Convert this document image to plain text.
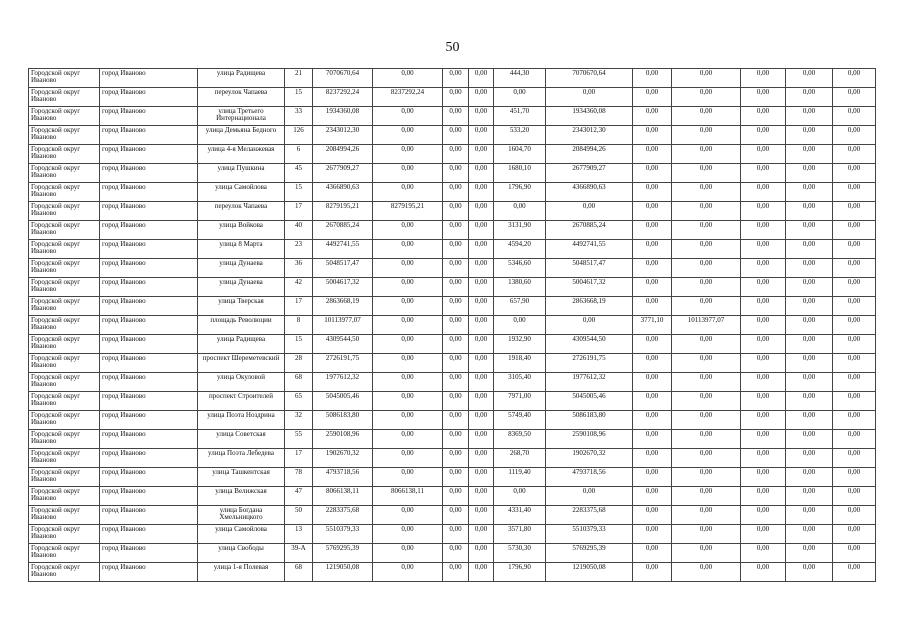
50
Городской округ Иваново	город Иваново	улица Радищева	21	7070670,64	0,00	0,00	0,00	444,30	7070670,64	0,00	0,00	0,00	0,00	0,00
Городской округ Иваново	город Иваново	переулок Чапаева	15	8237292,24	8237292,24	0,00	0,00	0,00	0,00	0,00	0,00	0,00	0,00	0,00
Городской округ Иваново	город Иваново	улица Третьего Интернационала	33	1934360,08	0,00	0,00	0,00	451,70	1934360,08	0,00	0,00	0,00	0,00	0,00
Городской округ Иваново	город Иваново	улица Демьяна Бедного	126	2343012,30	0,00	0,00	0,00	533,20	2343012,30	0,00	0,00	0,00	0,00	0,00
Городской округ Иваново	город Иваново	улица 4-я Меланжевая	6	2084994,26	0,00	0,00	0,00	1604,70	2084994,26	0,00	0,00	0,00	0,00	0,00
Городской округ Иваново	город Иваново	улица Пушкина	45	2677909,27	0,00	0,00	0,00	1680,10	2677909,27	0,00	0,00	0,00	0,00	0,00
Городской округ Иваново	город Иваново	улица Самойлова	15	4366890,63	0,00	0,00	0,00	1796,90	4366890,63	0,00	0,00	0,00	0,00	0,00
Городской округ Иваново	город Иваново	переулок Чапаева	17	8279195,21	8279195,21	0,00	0,00	0,00	0,00	0,00	0,00	0,00	0,00	0,00
Городской округ Иваново	город Иваново	улица Войкова	40	2670885,24	0,00	0,00	0,00	3131,90	2670885,24	0,00	0,00	0,00	0,00	0,00
Городской округ Иваново	город Иваново	улица 8 Марта	23	4492741,55	0,00	0,00	0,00	4594,20	4492741,55	0,00	0,00	0,00	0,00	0,00
Городской округ Иваново	город Иваново	улица Дунаева	36	5048517,47	0,00	0,00	0,00	5346,60	5048517,47	0,00	0,00	0,00	0,00	0,00
Городской округ Иваново	город Иваново	улица Дунаева	42	5004617,32	0,00	0,00	0,00	1380,60	5004617,32	0,00	0,00	0,00	0,00	0,00
Городской округ Иваново	город Иваново	улица Тверская	17	2863668,19	0,00	0,00	0,00	657,90	2863668,19	0,00	0,00	0,00	0,00	0,00
Городской округ Иваново	город Иваново	площадь Революции	8	10113977,07	0,00	0,00	0,00	0,00	0,00	3771,10	10113977,07	0,00	0,00	0,00
Городской округ Иваново	город Иваново	улица Радищева	15	4309544,50	0,00	0,00	0,00	1932,90	4309544,50	0,00	0,00	0,00	0,00	0,00
Городской округ Иваново	город Иваново	проспект Шереметевский	28	2726191,75	0,00	0,00	0,00	1918,40	2726191,75	0,00	0,00	0,00	0,00	0,00
Городской округ Иваново	город Иваново	улица Окуловой	68	1977612,32	0,00	0,00	0,00	3105,40	1977612,32	0,00	0,00	0,00	0,00	0,00
Городской округ Иваново	город Иваново	проспект Строителей	65	5045005,46	0,00	0,00	0,00	7971,00	5045005,46	0,00	0,00	0,00	0,00	0,00
Городской округ Иваново	город Иваново	улица Поэта Ноздрина	32	5086183,80	0,00	0,00	0,00	5749,40	5086183,80	0,00	0,00	0,00	0,00	0,00
Городской округ Иваново	город Иваново	улица Советская	55	2590108,96	0,00	0,00	0,00	8369,50	2590108,96	0,00	0,00	0,00	0,00	0,00
Городской округ Иваново	город Иваново	улица Поэта Лебедева	17	1902670,32	0,00	0,00	0,00	268,70	1902670,32	0,00	0,00	0,00	0,00	0,00
Городской округ Иваново	город Иваново	улица Ташкентская	78	4793718,56	0,00	0,00	0,00	1119,40	4793718,56	0,00	0,00	0,00	0,00	0,00
Городской округ Иваново	город Иваново	улица Велижская	47	8066138,11	8066138,11	0,00	0,00	0,00	0,00	0,00	0,00	0,00	0,00	0,00
Городской округ Иваново	город Иваново	улица Богдана Хмельницкого	50	2283375,68	0,00	0,00	0,00	4331,40	2283375,68	0,00	0,00	0,00	0,00	0,00
Городской округ Иваново	город Иваново	улица Самойлова	13	5510379,33	0,00	0,00	0,00	3571,80	5510379,33	0,00	0,00	0,00	0,00	0,00
Городской округ Иваново	город Иваново	улица Свободы	39-А	5769295,39	0,00	0,00	0,00	5730,30	5769295,39	0,00	0,00	0,00	0,00	0,00
Городской округ Иваново	город Иваново	улица 1-я Полевая	68	1219050,08	0,00	0,00	0,00	1796,90	1219050,08	0,00	0,00	0,00	0,00	0,00
